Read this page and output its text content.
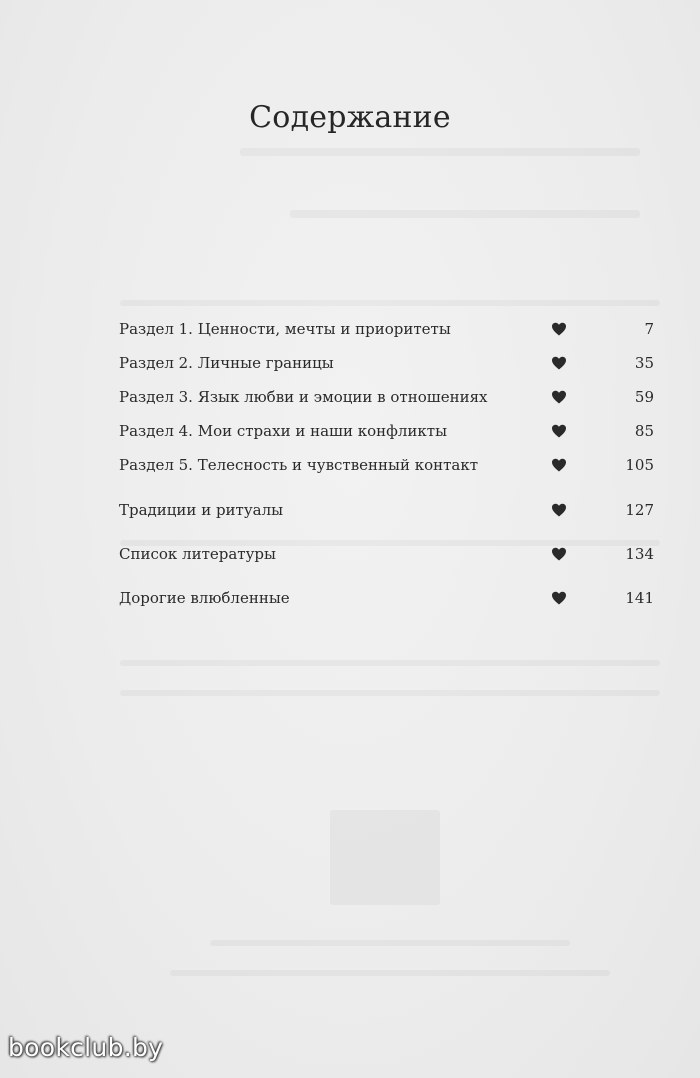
Содержание
Раздел 1. Ценности, мечты и приоритеты	7
Раздел 2. Личные границы	35
Раздел 3. Язык любви и эмоции в отношениях	59
Раздел 4. Мои страхи и наши конфликты	85
Раздел 5. Телесность и чувственный контакт	105
Традиции и ритуалы	127
Список литературы	134
Дорогие влюбленные	141
bookclub.by
